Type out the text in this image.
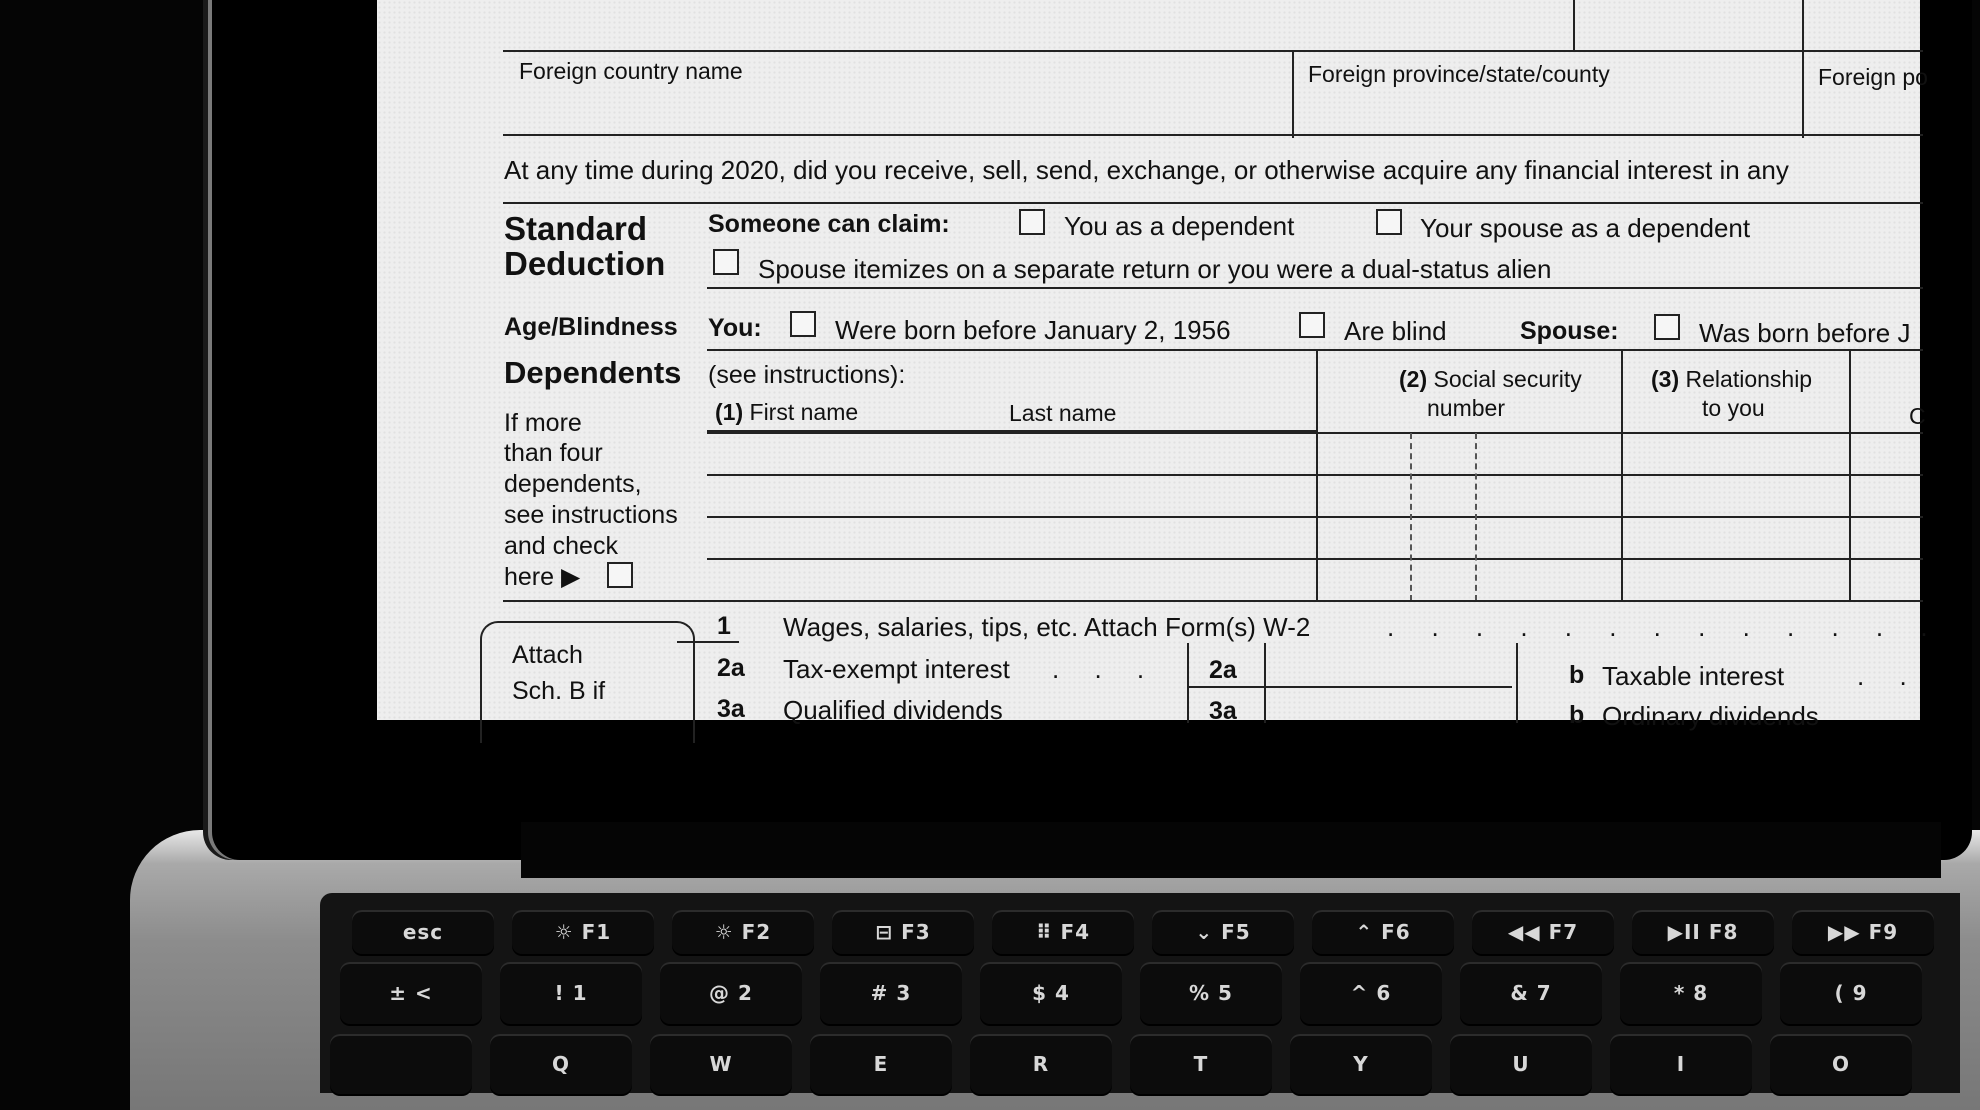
Foreign country name	Foreign province/state/county	Foreign po
At any time during 2020, did you receive, sell, send, exchange, or otherwise acquire any financial interest in any
Standard
Deduction
Someone can claim:	You as a dependent	Your spouse as a dependent
Spouse itemizes on a separate return or you were a dual-status alien
Age/Blindness You:	Were born before January 2, 1956	Are blind	Spouse:	Was born before J
Dependents (see instructions):
(1) First name	Last name
(2) Social security
number
(3) Relationship
to you	C
If more
than four
dependents,
see instructions
and check
here ▶
Attach
Sch. B if
1 Wages, salaries, tips, etc. Attach Form(s) W-2	. . . . . . . . . . . . .
2a Tax-exempt interest . . . 2a	b Taxable interest	. .
3a Qualified dividends	3a	b Ordinary dividends
esc	☼ F1	☼ F2	⊟ F3	⠿ F4	⌄ F5	⌃ F6	◀◀ F7	▶II F8	▶▶ F9
± <	! 1	@ 2	# 3	$ 4	% 5	^ 6	& 7	* 8	( 9
Q	W	E	R	T	Y	U	I	O
